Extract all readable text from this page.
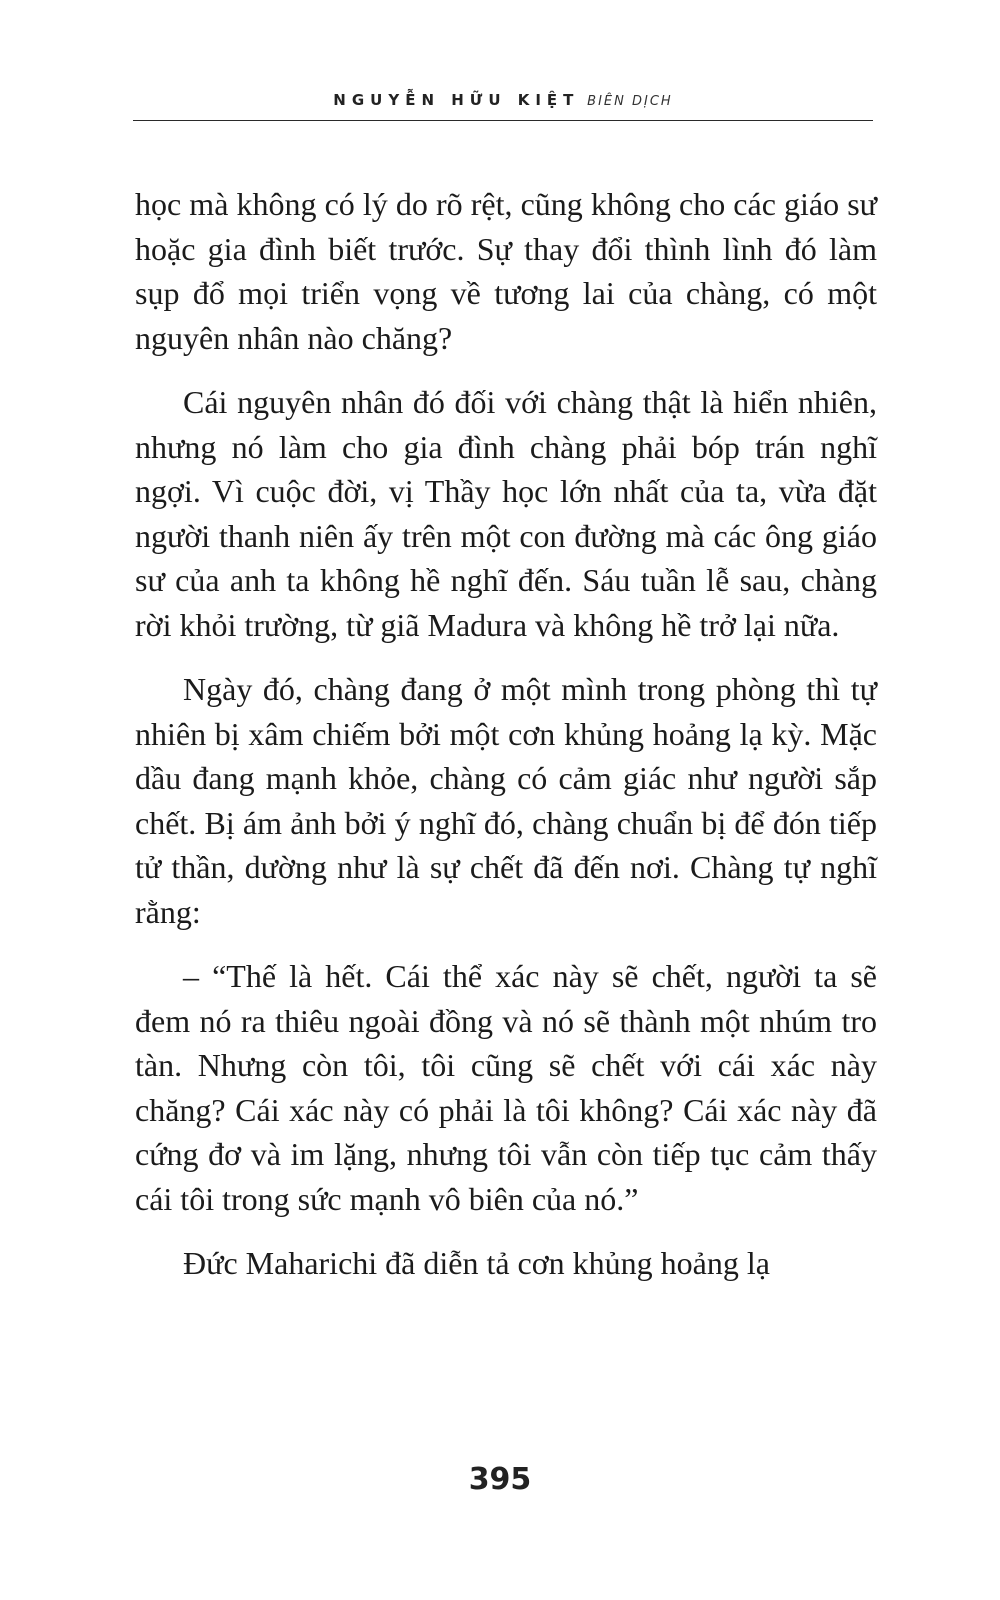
NGUYỄN HỮU KIỆT BIÊN DỊCH

học mà không có lý do rõ rệt, cũng không cho các giáo sư hoặc gia đình biết trước. Sự thay đổi thình lình đó làm sụp đổ mọi triển vọng về tương lai của chàng, có một nguyên nhân nào chăng?

Cái nguyên nhân đó đối với chàng thật là hiển nhiên, nhưng nó làm cho gia đình chàng phải bóp trán nghĩ ngợi. Vì cuộc đời, vị Thầy học lớn nhất của ta, vừa đặt người thanh niên ấy trên một con đường mà các ông giáo sư của anh ta không hề nghĩ đến. Sáu tuần lễ sau, chàng rời khỏi trường, từ giã Madura và không hề trở lại nữa.

Ngày đó, chàng đang ở một mình trong phòng thì tự nhiên bị xâm chiếm bởi một cơn khủng hoảng lạ kỳ. Mặc dầu đang mạnh khỏe, chàng có cảm giác như người sắp chết. Bị ám ảnh bởi ý nghĩ đó, chàng chuẩn bị để đón tiếp tử thần, dường như là sự chết đã đến nơi. Chàng tự nghĩ rằng:

– “Thế là hết. Cái thể xác này sẽ chết, người ta sẽ đem nó ra thiêu ngoài đồng và nó sẽ thành một nhúm tro tàn. Nhưng còn tôi, tôi cũng sẽ chết với cái xác này chăng? Cái xác này có phải là tôi không? Cái xác này đã cứng đơ và im lặng, nhưng tôi vẫn còn tiếp tục cảm thấy cái tôi trong sức mạnh vô biên của nó.”

Đức Maharichi đã diễn tả cơn khủng hoảng lạ

395
